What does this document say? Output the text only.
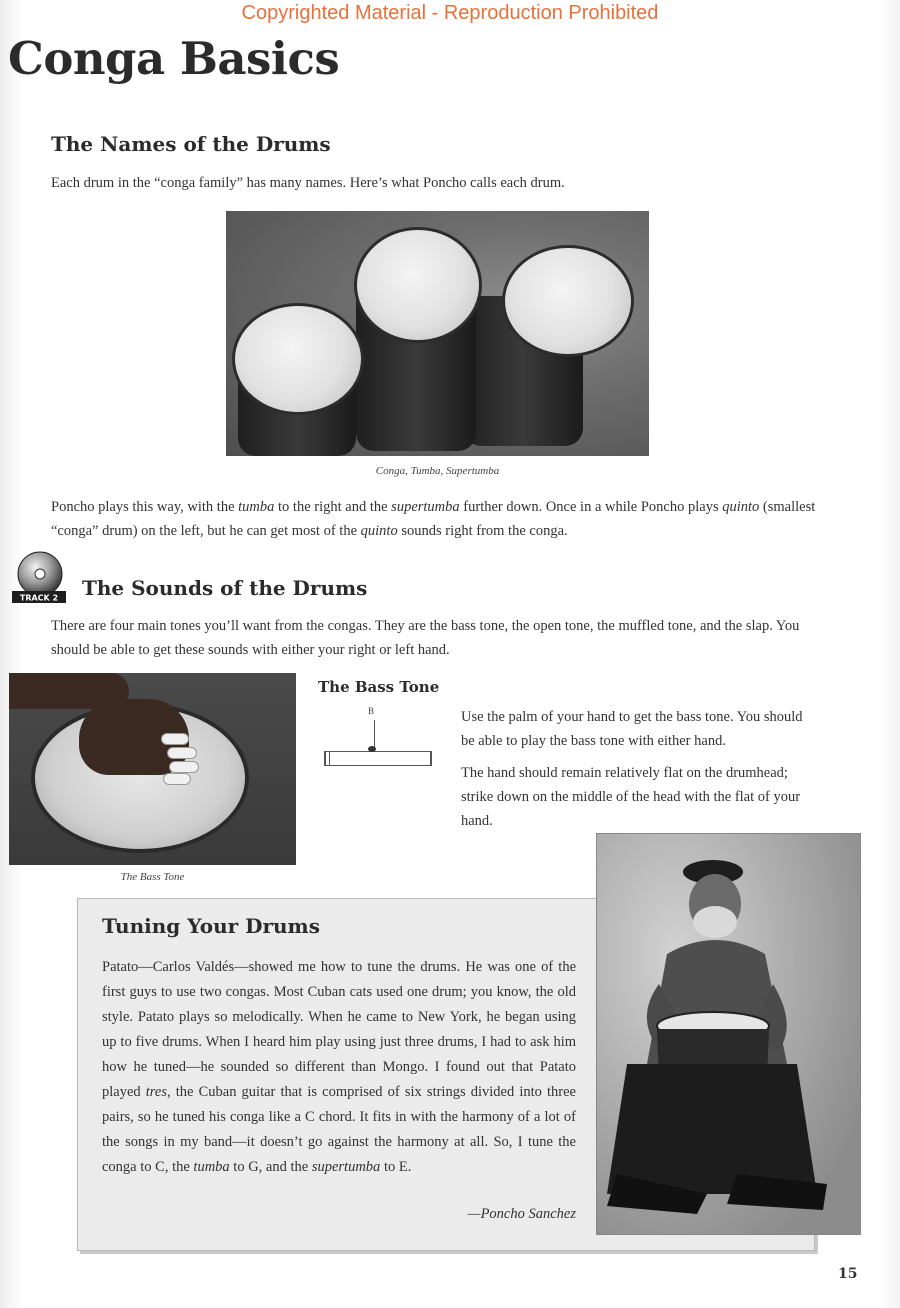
Copyrighted Material - Reproduction Prohibited
Conga Basics
The Names of the Drums
Each drum in the “conga family” has many names. Here’s what Poncho calls each drum.
Conga, Tumba, Supertumba
Poncho plays this way, with the tumba to the right and the supertumba further down. Once in a while Poncho plays quinto (smallest “conga” drum) on the left, but he can get most of the quinto sounds right from the conga.
TRACK 2 The Sounds of the Drums
There are four main tones you’ll want from the congas. They are the bass tone, the open tone, the muffled tone, and the slap. You should be able to get these sounds with either your right or left hand.
The Bass Tone
The Bass Tone
B	Use the palm of your hand to get the bass tone. You should be able to play the bass tone with either hand.
The hand should remain relatively flat on the drumhead; strike down on the middle of the head with the flat of your hand.
Tuning Your Drums
Patato—Carlos Valdés—showed me how to tune the drums. He was one of the first guys to use two congas. Most Cuban cats used one drum; you know, the old style. Patato plays so melodically. When he came to New York, he began using up to five drums. When I heard him play using just three drums, I had to ask him how he tuned—he sounded so different than Mongo. I found out that Patato played tres, the Cuban guitar that is comprised of six strings divided into three pairs, so he tuned his conga like a C chord. It fits in with the harmony of a lot of the songs in my band—it doesn’t go against the harmony at all. So, I tune the conga to C, the tumba to G, and the supertumba to E.
—Poncho Sanchez
15
